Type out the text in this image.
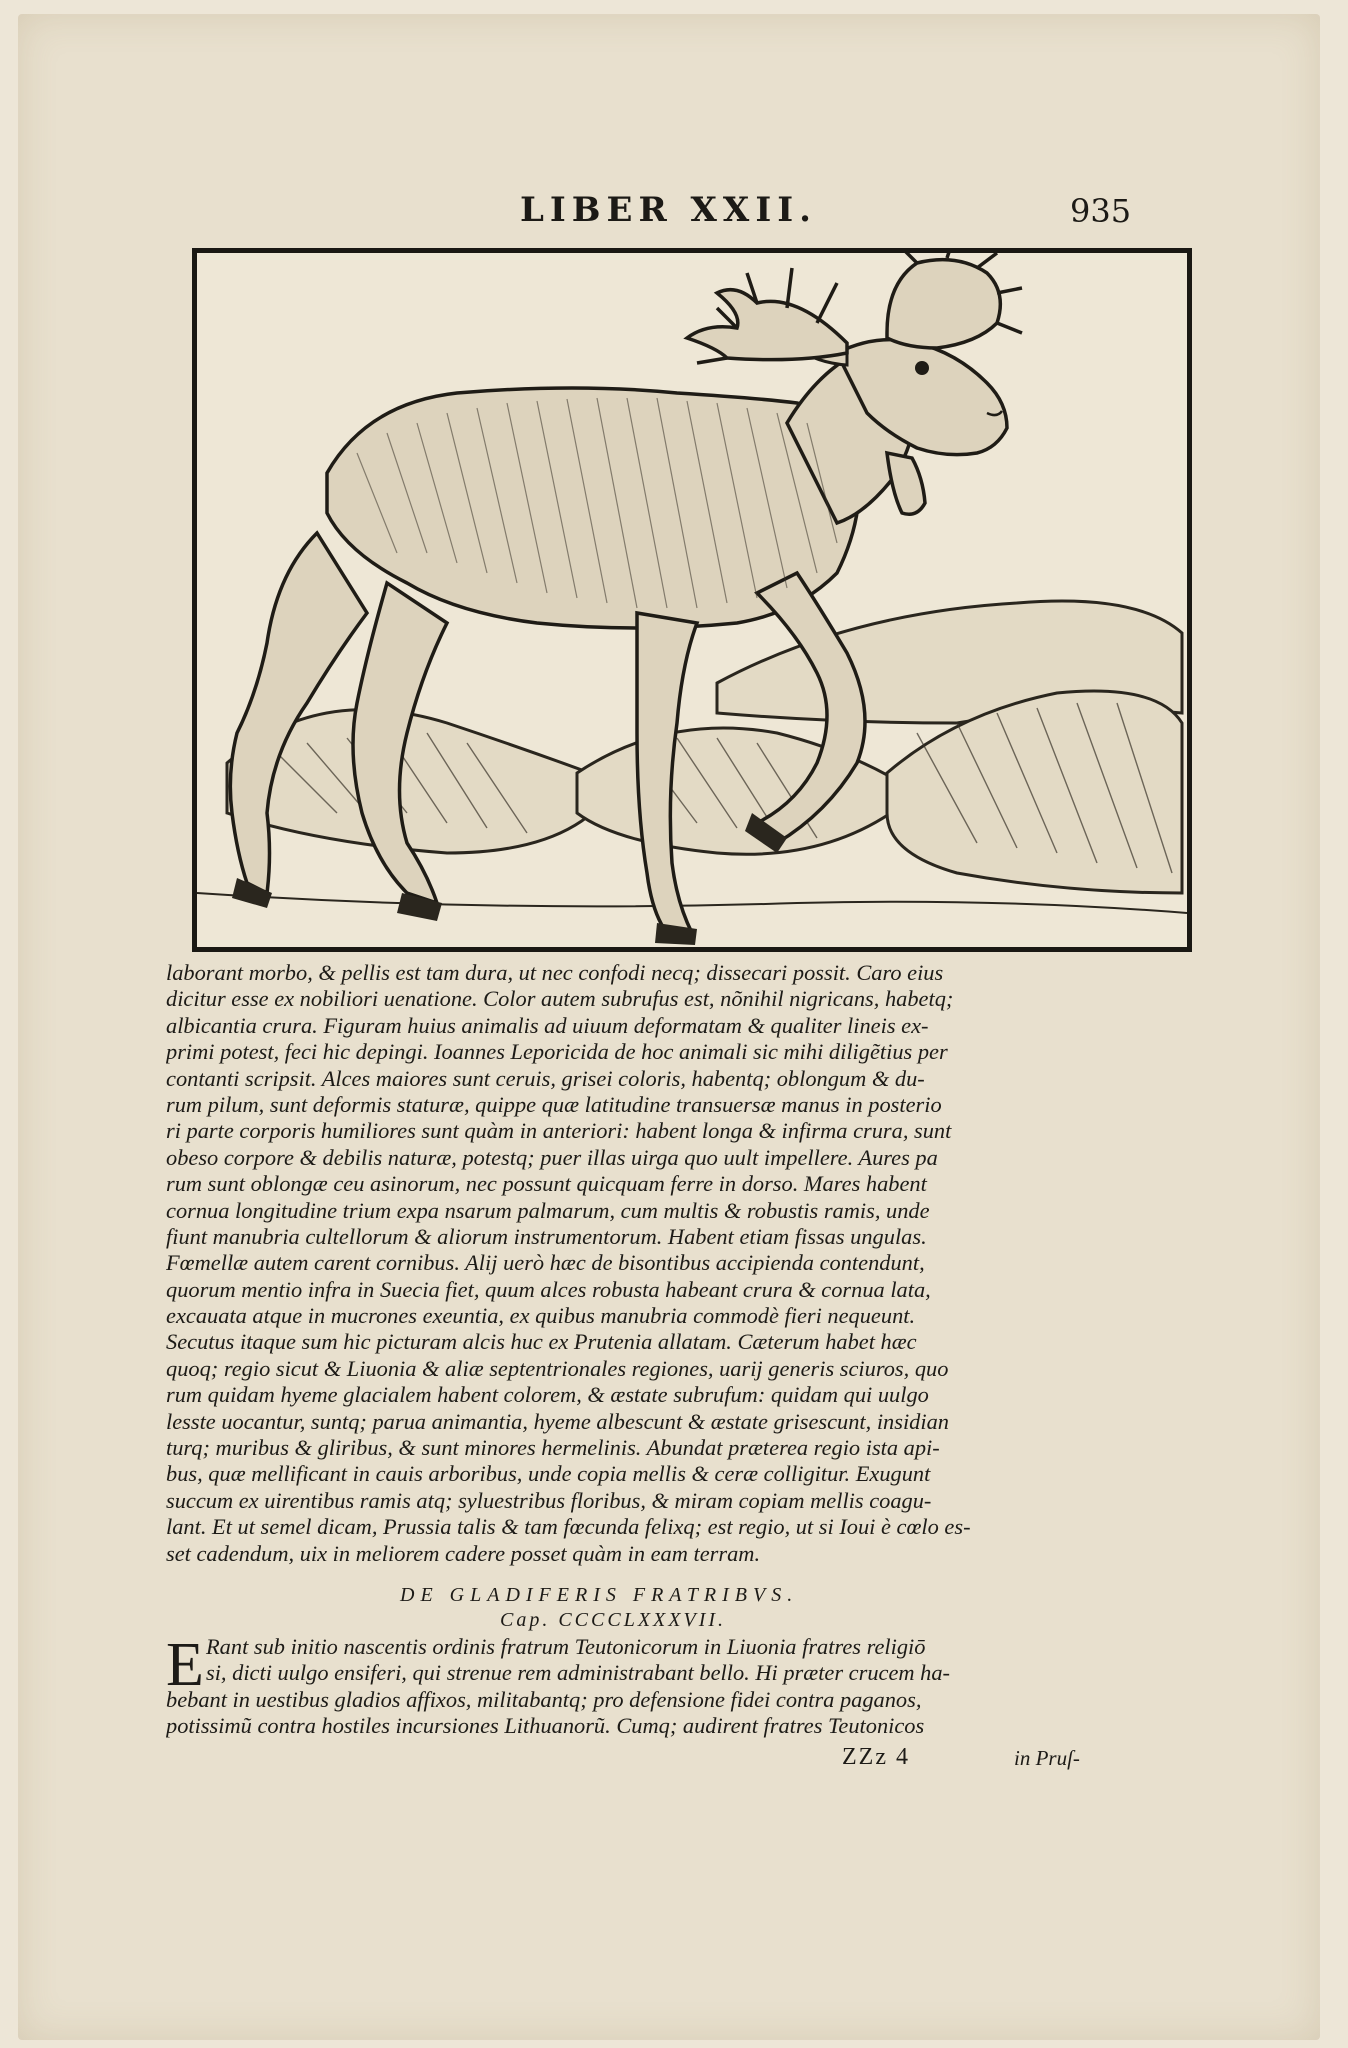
LIBER XXII.	935
laborant morbo, & pellis est tam dura, ut nec confodi necq; dissecari possit. Caro eius
dicitur esse ex nobiliori uenatione. Color autem subrufus est, nõnihil nigricans, habetq;
albicantia crura. Figuram huius animalis ad uiuum deformatam & qualiter lineis ex-
primi potest, feci hic depingi. Ioannes Leporicida de hoc animali sic mihi diligẽtius per
contanti scripsit. Alces maiores sunt ceruis, grisei coloris, habentq; oblongum & du-
rum pilum, sunt deformis staturæ, quippe quæ latitudine transuersæ manus in posterio
ri parte corporis humiliores sunt quàm in anteriori: habent longa & infirma crura, sunt
obeso corpore & debilis naturæ, potestq; puer illas uirga quo uult impellere. Aures pa
rum sunt oblongæ ceu asinorum, nec possunt quicquam ferre in dorso. Mares habent
cornua longitudine trium expa nsarum palmarum, cum multis & robustis ramis, unde
fiunt manubria cultellorum & aliorum instrumentorum. Habent etiam fissas ungulas.
Fœmellæ autem carent cornibus. Alij uerò hæc de bisontibus accipienda contendunt,
quorum mentio infra in Suecia fiet, quum alces robusta habeant crura & cornua lata,
excauata atque in mucrones exeuntia, ex quibus manubria commodè fieri nequeunt.
Secutus itaque sum hic picturam alcis huc ex Prutenia allatam. Cæterum habet hæc
quoq; regio sicut & Liuonia & aliæ septentrionales regiones, uarij generis sciuros, quo
rum quidam hyeme glacialem habent colorem, & æstate subrufum: quidam qui uulgo
lesste uocantur, suntq; parua animantia, hyeme albescunt & æstate grisescunt, insidian
turq; muribus & gliribus, & sunt minores hermelinis. Abundat præterea regio ista api-
bus, quæ mellificant in cauis arboribus, unde copia mellis & ceræ colligitur. Exugunt
succum ex uirentibus ramis atq; syluestribus floribus, & miram copiam mellis coagu-
lant. Et ut semel dicam, Prussia talis & tam fœcunda felixq; est regio, ut si Ioui è cœlo es-
set cadendum, uix in meliorem cadere posset quàm in eam terram.
DE GLADIFERIS FRATRIBVS.
Cap. CCCCLXXXVII.
E Rant sub initio nascentis ordinis fratrum Teutonicorum in Liuonia fratres religiō
si, dicti uulgo ensiferi, qui strenue rem administrabant bello. Hi præter crucem ha-
bebant in uestibus gladios affixos, militabantq; pro defensione fidei contra paganos,
potissimũ contra hostiles incursiones Lithuanorũ. Cumq; audirent fratres Teutonicos
ZZz 4	in Pruſ-
